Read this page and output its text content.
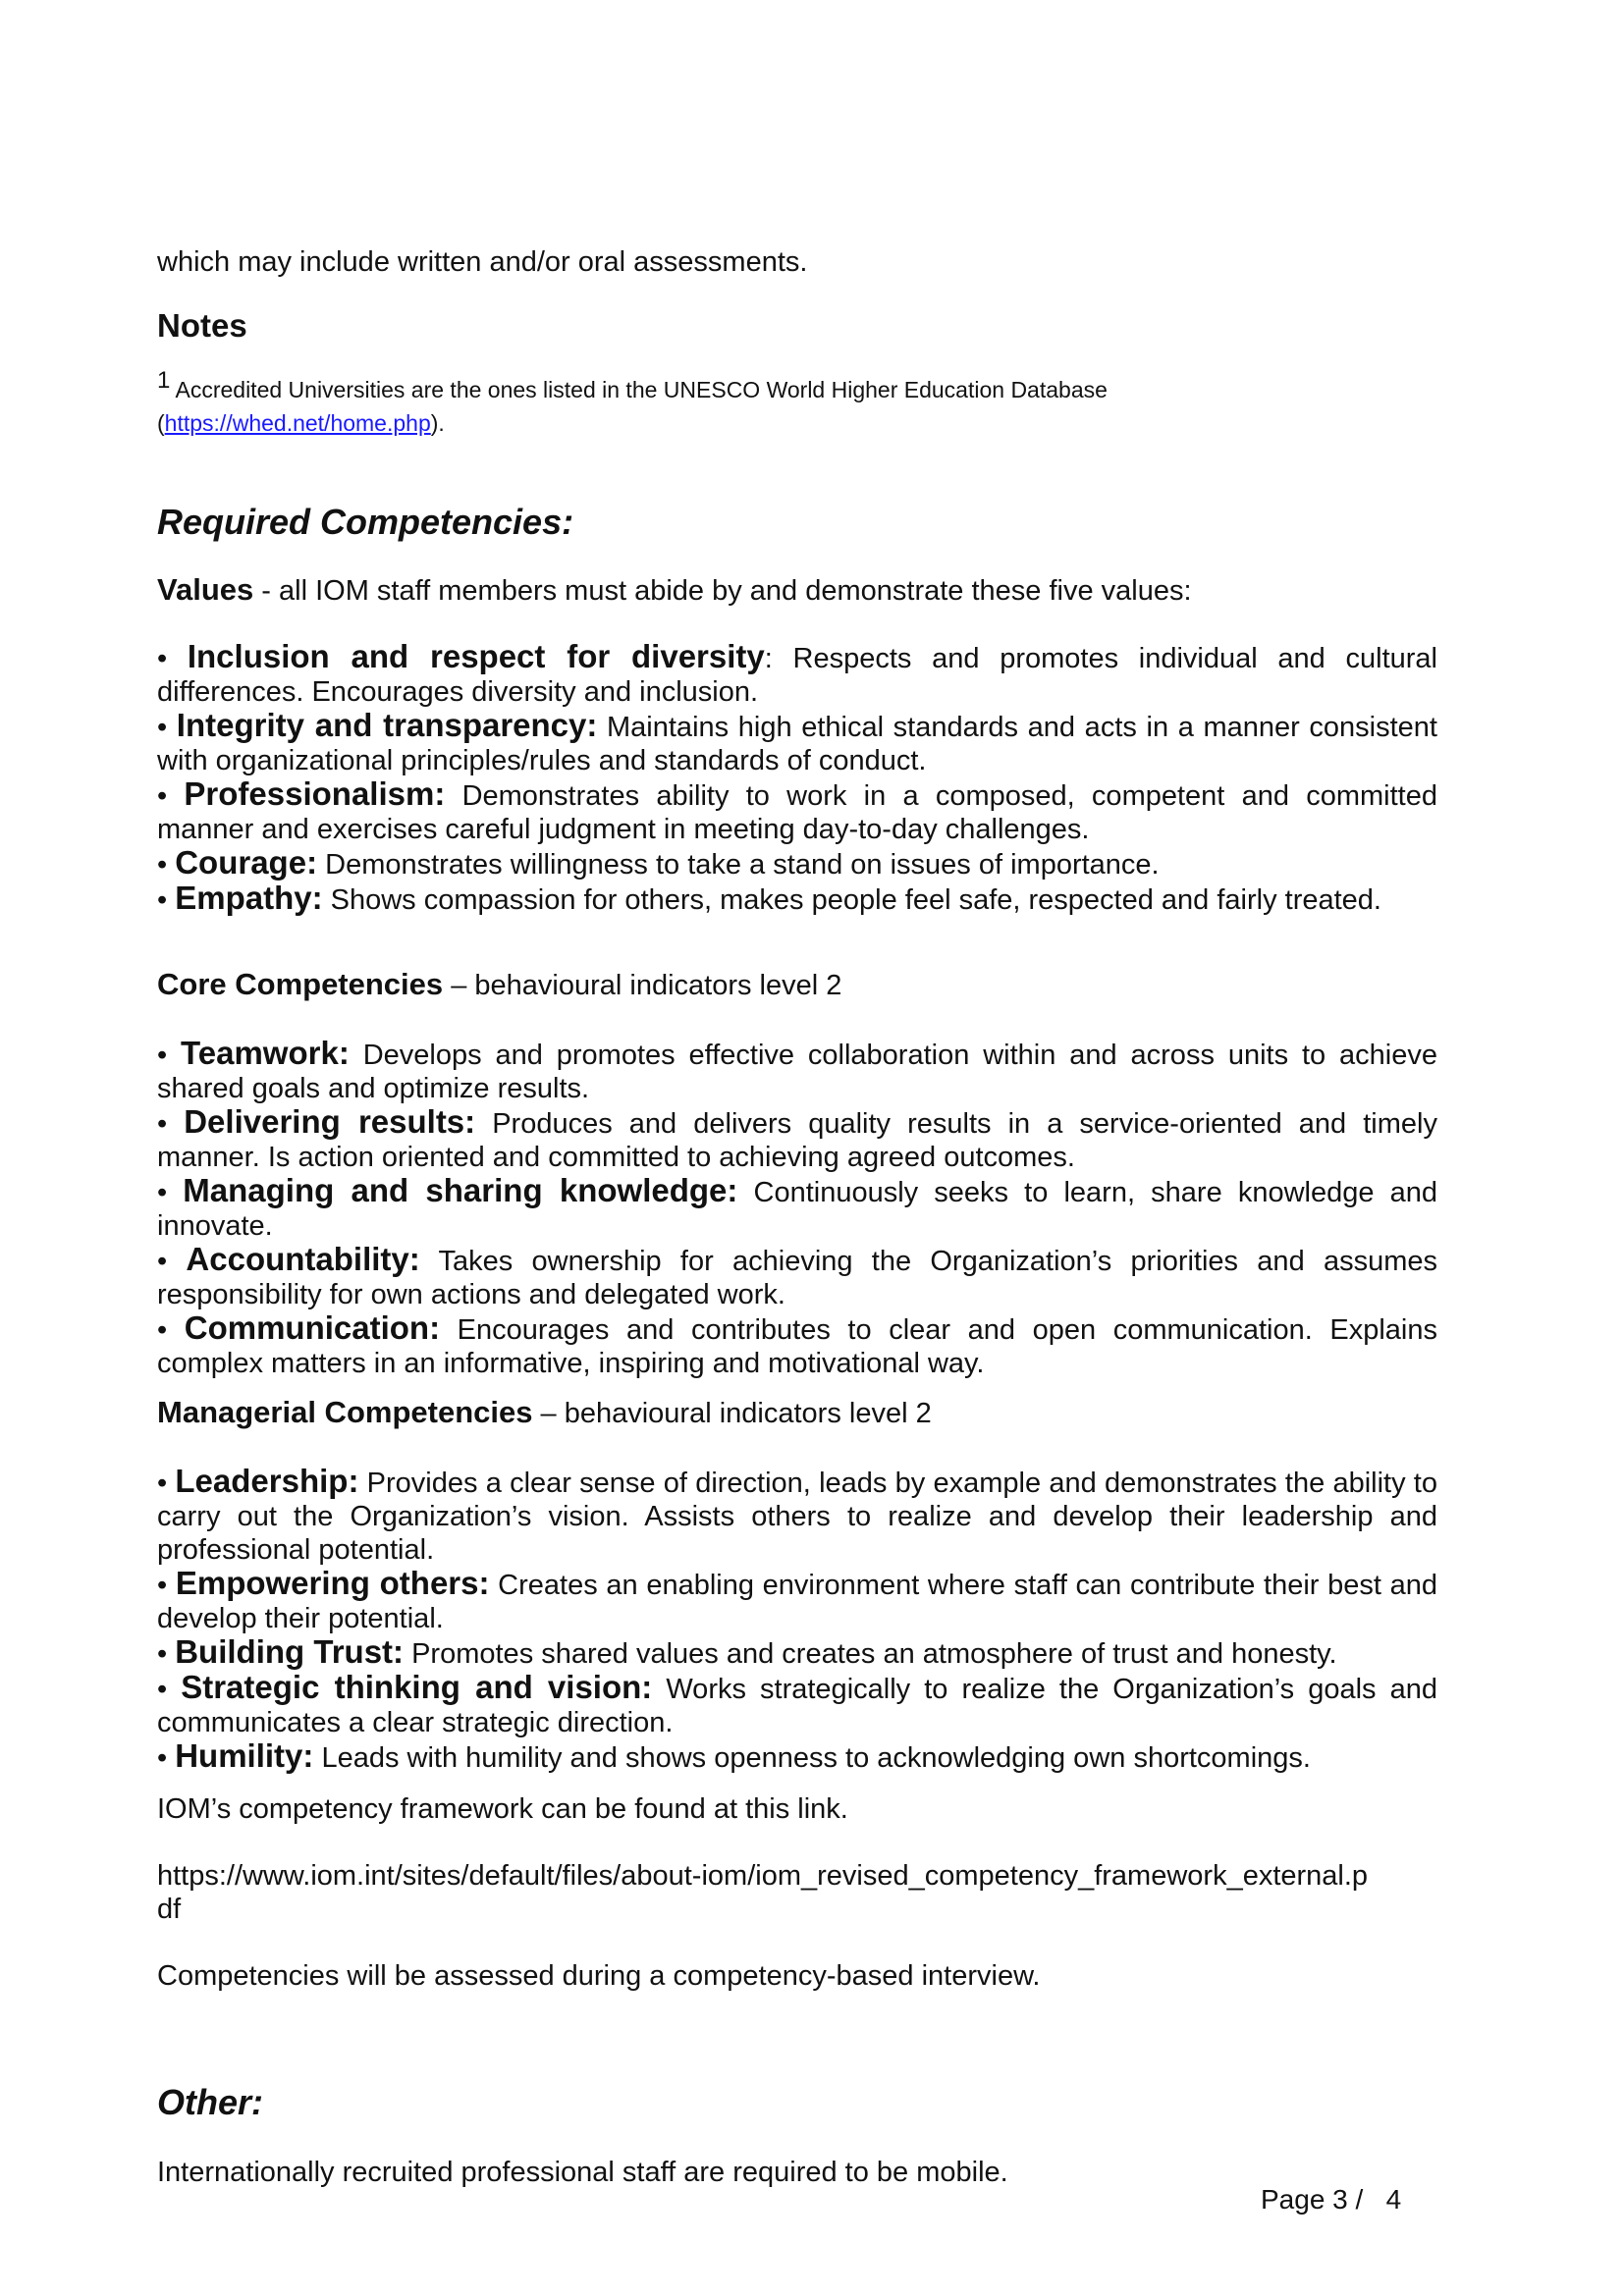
which may include written and/or oral assessments.

Notes

$^1$ Accredited Universities are the ones listed in the UNESCO World Higher Education Database
(https://whed.net/home.php).

Required Competencies:

Values - all IOM staff members must abide by and demonstrate these five values:

• Inclusion and respect for diversity: Respects and promotes individual and cultural differences. Encourages diversity and inclusion.
• Integrity and transparency: Maintains high ethical standards and acts in a manner consistent with organizational principles/rules and standards of conduct.
• Professionalism: Demonstrates ability to work in a composed, competent and committed manner and exercises careful judgment in meeting day-to-day challenges.
• Courage: Demonstrates willingness to take a stand on issues of importance.
• Empathy: Shows compassion for others, makes people feel safe, respected and fairly treated.

Core Competencies – behavioural indicators level 2

• Teamwork: Develops and promotes effective collaboration within and across units to achieve shared goals and optimize results.
• Delivering results: Produces and delivers quality results in a service-oriented and timely manner. Is action oriented and committed to achieving agreed outcomes.
• Managing and sharing knowledge: Continuously seeks to learn, share knowledge and innovate.
• Accountability: Takes ownership for achieving the Organization’s priorities and assumes responsibility for own actions and delegated work.
• Communication: Encourages and contributes to clear and open communication. Explains complex matters in an informative, inspiring and motivational way.

Managerial Competencies – behavioural indicators level 2

• Leadership: Provides a clear sense of direction, leads by example and demonstrates the ability to carry out the Organization’s vision. Assists others to realize and develop their leadership and professional potential.
• Empowering others: Creates an enabling environment where staff can contribute their best and develop their potential.
• Building Trust: Promotes shared values and creates an atmosphere of trust and honesty.
• Strategic thinking and vision: Works strategically to realize the Organization’s goals and communicates a clear strategic direction.
• Humility: Leads with humility and shows openness to acknowledging own shortcomings.

IOM’s competency framework can be found at this link.

https://www.iom.int/sites/default/files/about-iom/iom_revised_competency_framework_external.p
df

Competencies will be assessed during a competency-based interview.

Other:

Internationally recruited professional staff are required to be mobile.

Page 3 / 4
